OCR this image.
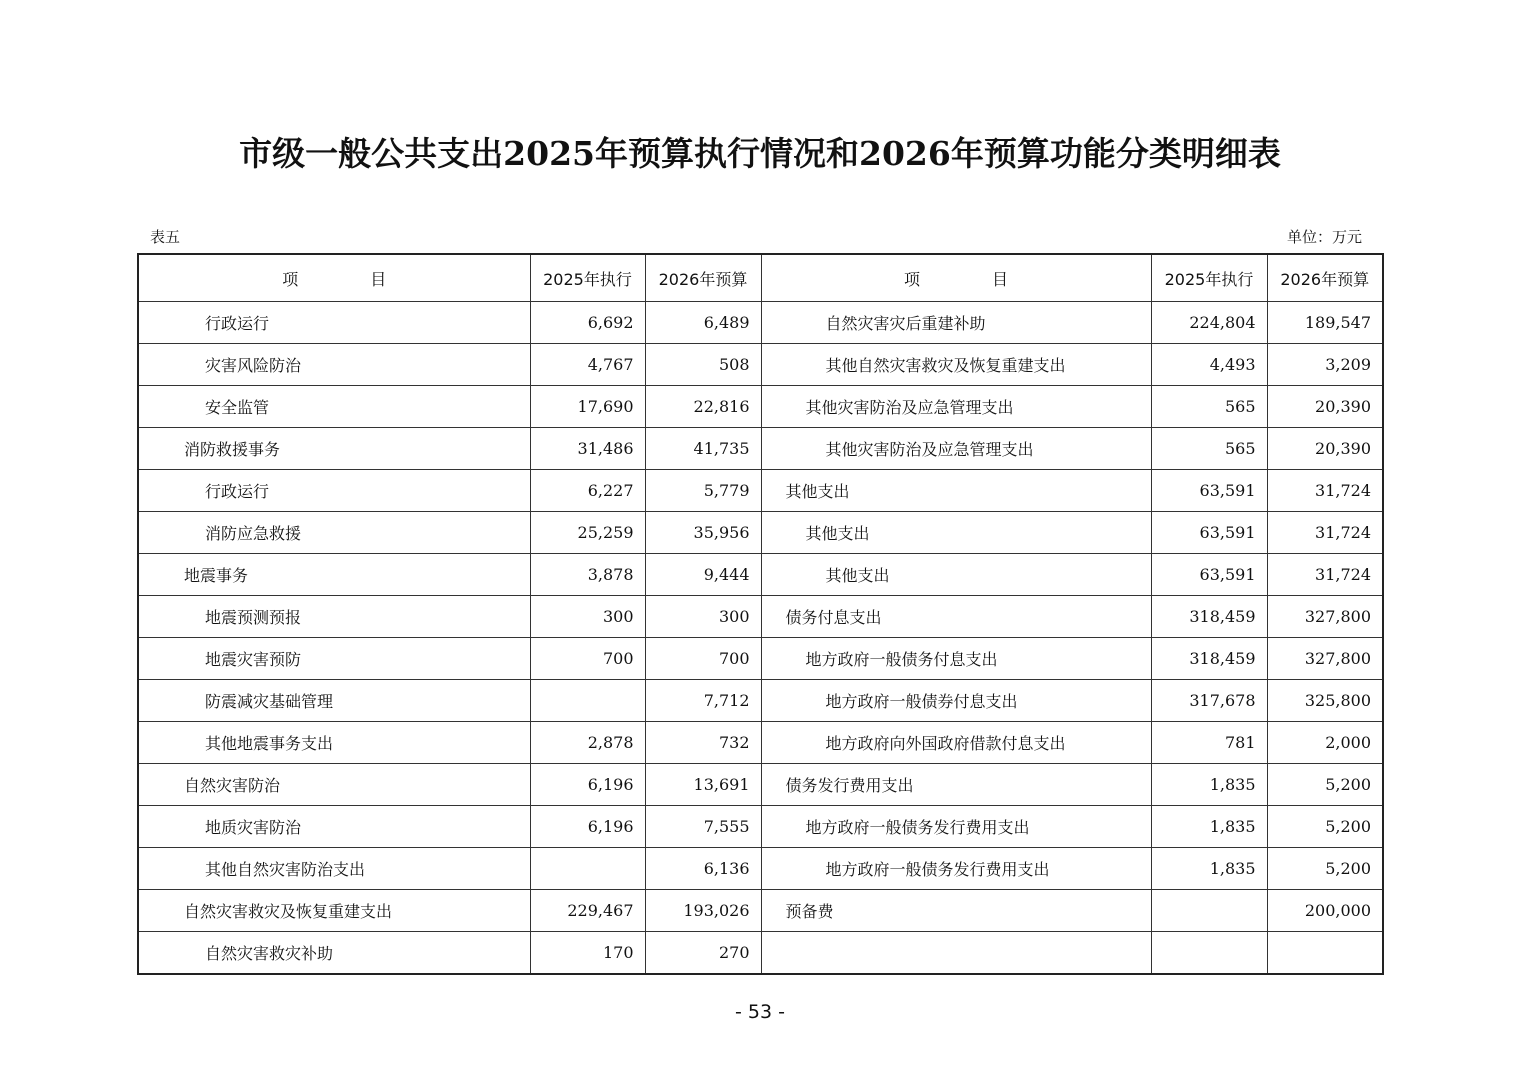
市级一般公共支出2025年预算执行情况和2026年预算功能分类明细表
表五	单位：万元
项 目	2025年执行	2026年预算	项 目	2025年执行	2026年预算
行政运行	6,692	6,489	自然灾害灾后重建补助	224,804	189,547
灾害风险防治	4,767	508	其他自然灾害救灾及恢复重建支出	4,493	3,209
安全监管	17,690	22,816	其他灾害防治及应急管理支出	565	20,390
消防救援事务	31,486	41,735	其他灾害防治及应急管理支出	565	20,390
行政运行	6,227	5,779	其他支出	63,591	31,724
消防应急救援	25,259	35,956	其他支出	63,591	31,724
地震事务	3,878	9,444	其他支出	63,591	31,724
地震预测预报	300	300	债务付息支出	318,459	327,800
地震灾害预防	700	700	地方政府一般债务付息支出	318,459	327,800
防震减灾基础管理		7,712	地方政府一般债券付息支出	317,678	325,800
其他地震事务支出	2,878	732	地方政府向外国政府借款付息支出	781	2,000
自然灾害防治	6,196	13,691	债务发行费用支出	1,835	5,200
地质灾害防治	6,196	7,555	地方政府一般债务发行费用支出	1,835	5,200
其他自然灾害防治支出		6,136	地方政府一般债务发行费用支出	1,835	5,200
自然灾害救灾及恢复重建支出	229,467	193,026	预备费		200,000
自然灾害救灾补助	170	270			
- 53 -
